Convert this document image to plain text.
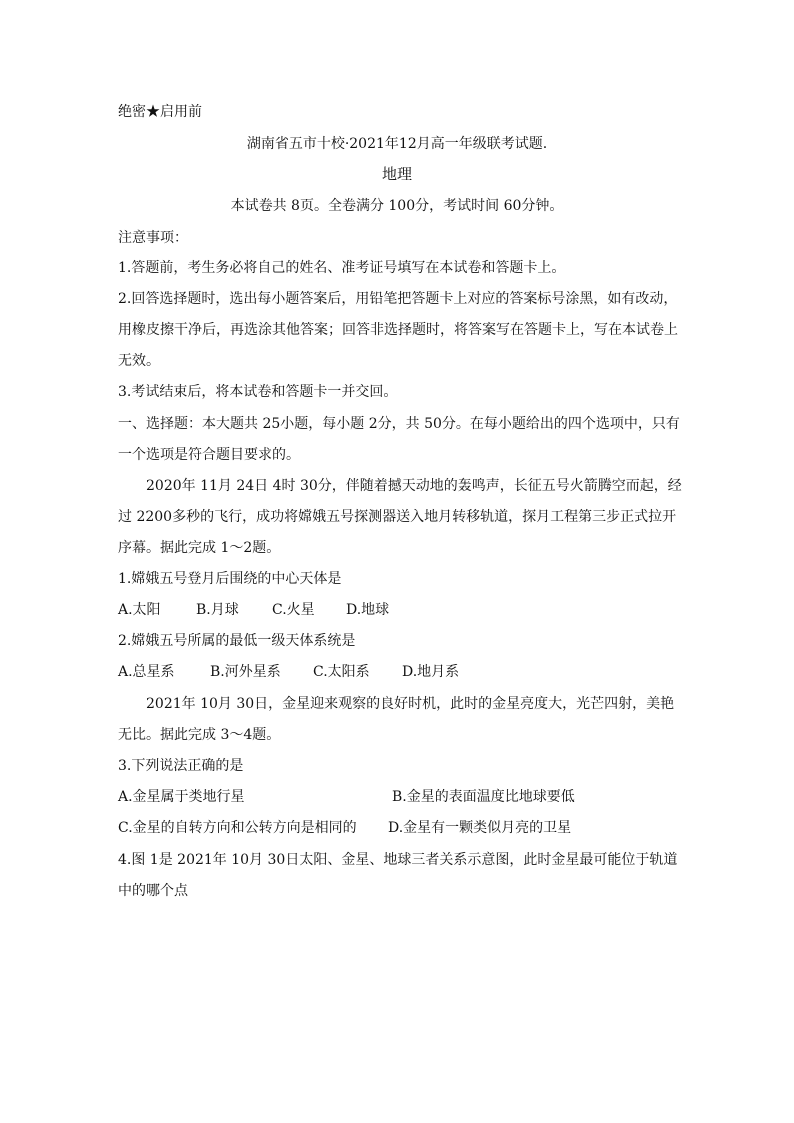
绝密★启用前
湖南省五市十校·2021年12月高一年级联考试题.
地理
本试卷共 8页。全卷满分 100分，考试时间 60分钟。
注意事项：
1.答题前，考生务必将自己的姓名、准考证号填写在本试卷和答题卡上。
2.回答选择题时，选出每小题答案后，用铅笔把答题卡上对应的答案标号涂黑，如有改动，
用橡皮擦干净后，再选涂其他答案；回答非选择题时，将答案写在答题卡上，写在本试卷上
无效。
3.考试结束后，将本试卷和答题卡一并交回。
一、选择题：本大题共 25小题，每小题 2分，共 50分。在每小题给出的四个选项中，只有
一个选项是符合题目要求的。
2020年 11月 24日 4时 30分，伴随着撼天动地的轰鸣声，长征五号火箭腾空而起，经
过 2200多秒的飞行，成功将嫦娥五号探测器送入地月转移轨道，探月工程第三步正式拉开
序幕。据此完成 1～2题。
1.嫦娥五号登月后围绕的中心天体是
A.太阳	B.月球 C.火星 D.地球
2.嫦娥五号所属的最低一级天体系统是
A.总星系	B.河外星系 C.太阳系 D.地月系
2021年 10月 30日，金星迎来观察的良好时机，此时的金星亮度大，光芒四射，美艳
无比。据此完成 3～4题。
3.下列说法正确的是
A.金星属于类地行星	B.金星的表面温度比地球要低
C.金星的自转方向和公转方向是相同的 D.金星有一颗类似月亮的卫星
4.图 1是 2021年 10月 30日太阳、金星、地球三者关系示意图，此时金星最可能位于轨道
中的哪个点
